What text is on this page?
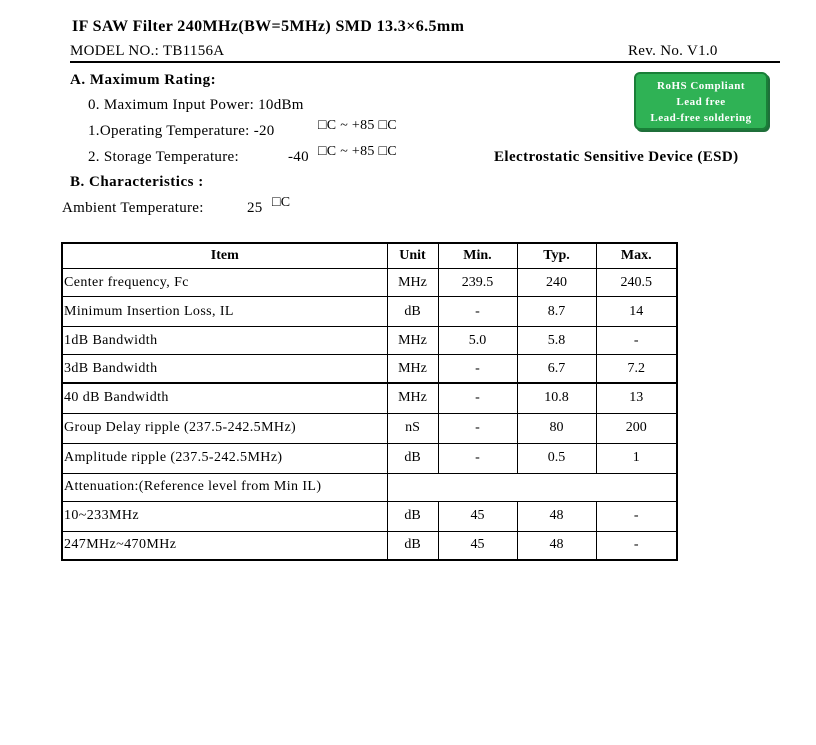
IF SAW Filter 240MHz(BW=5MHz) SMD 13.3×6.5mm
MODEL NO.: TB1156A	Rev. No. V1.0
A. Maximum Rating:
0. Maximum Input Power: 10dBm
1.Operating Temperature: -20	□C ~ +85 □C
2. Storage Temperature:	-40 □C ~ +85 □C
RoHS Compliant
Lead free
Lead-free soldering
Electrostatic Sensitive Device (ESD)
B. Characteristics :
Ambient Temperature:	25 □C
Item	Unit	Min.	Typ.	Max.
Center frequency, Fc	MHz	239.5	240	240.5
Minimum Insertion Loss, IL	dB	-	8.7	14
1dB Bandwidth	MHz	5.0	5.8	-
3dB Bandwidth	MHz	-	6.7	7.2
40 dB Bandwidth	MHz	-	10.8	13
Group Delay ripple (237.5-242.5MHz)	nS	-	80	200
Amplitude ripple (237.5-242.5MHz)	dB	-	0.5	1
Attenuation:(Reference level from Min IL)				
10~233MHz	dB	45	48	-
247MHz~470MHz	dB	45	48	-
